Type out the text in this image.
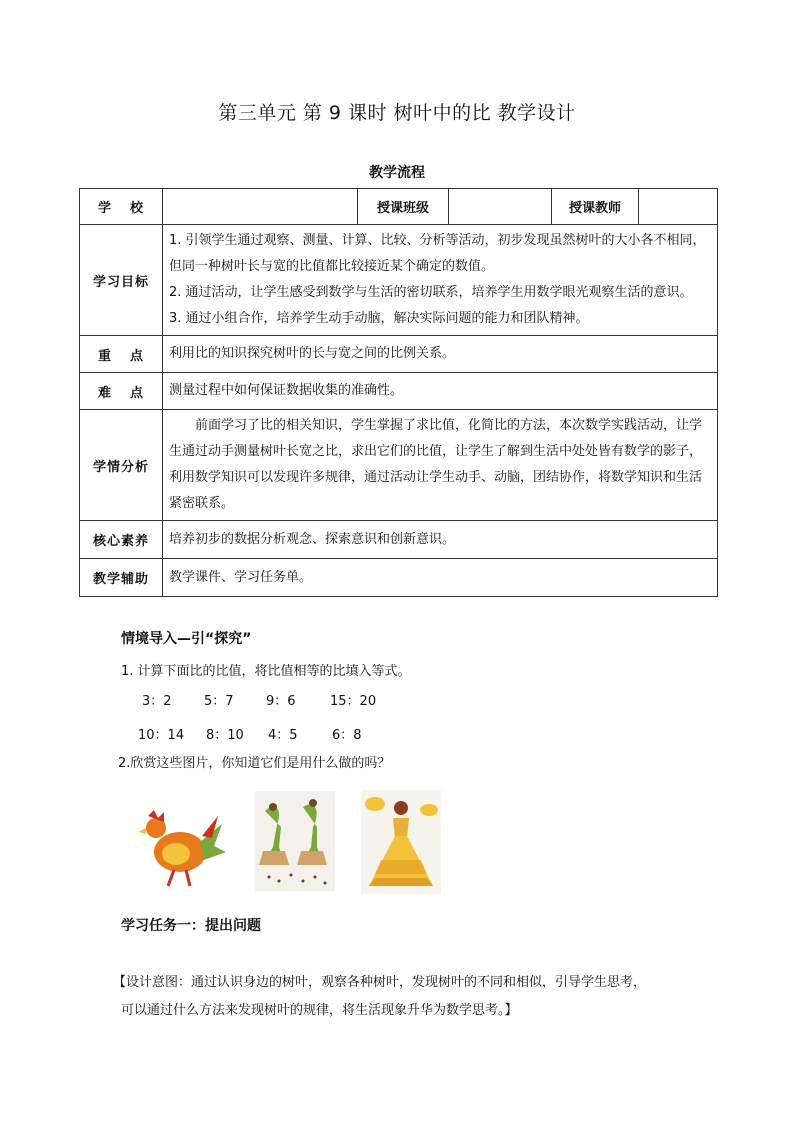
第三单元 第 9 课时 树叶中的比 教学设计
教学流程
学 校		授课班级		授课教师	
学习目标	1. 引领学生通过观察、测量、计算、比较、分析等活动，初步发现虽然树叶的大小各不相同，但同一种树叶长与宽的比值都比较接近某个确定的数值。

2. 通过活动，让学生感受到数学与生活的密切联系，培养学生用数学眼光观察生活的意识。

3. 通过小组合作，培养学生动手动脑，解决实际问题的能力和团队精神。				

重 点	利用比的知识探究树叶的长与宽之间的比例关系。				

难 点	测量过程中如何保证数据收集的准确性。				
学情分析	前面学习了比的相关知识，学生掌握了求比值，化简比的方法，本次数学实践活动，让学生通过动手测量树叶长宽之比，求出它们的比值，让学生了解到生活中处处皆有数学的影子，利用数学知识可以发现许多规律，通过活动让学生动手、动脑，团结协作，将数学知识和生活紧密联系。				
核心素养	培养初步的数据分析观念、探索意识和创新意识。				
教学辅助	教学课件、学习任务单。				
情境导入—引“探究”
1. 计算下面比的比值，将比值相等的比填入等式。
3：2	5：7	9：6	15：20
10：14	8：10	4：5	6：8
2.欣赏这些图片，你知道它们是用什么做的吗？
学习任务一：提出问题
【设计意图：通过认识身边的树叶，观察各种树叶，发现树叶的不同和相似，引导学生思考，
可以通过什么方法来发现树叶的规律，将生活现象升华为数学思考。】
